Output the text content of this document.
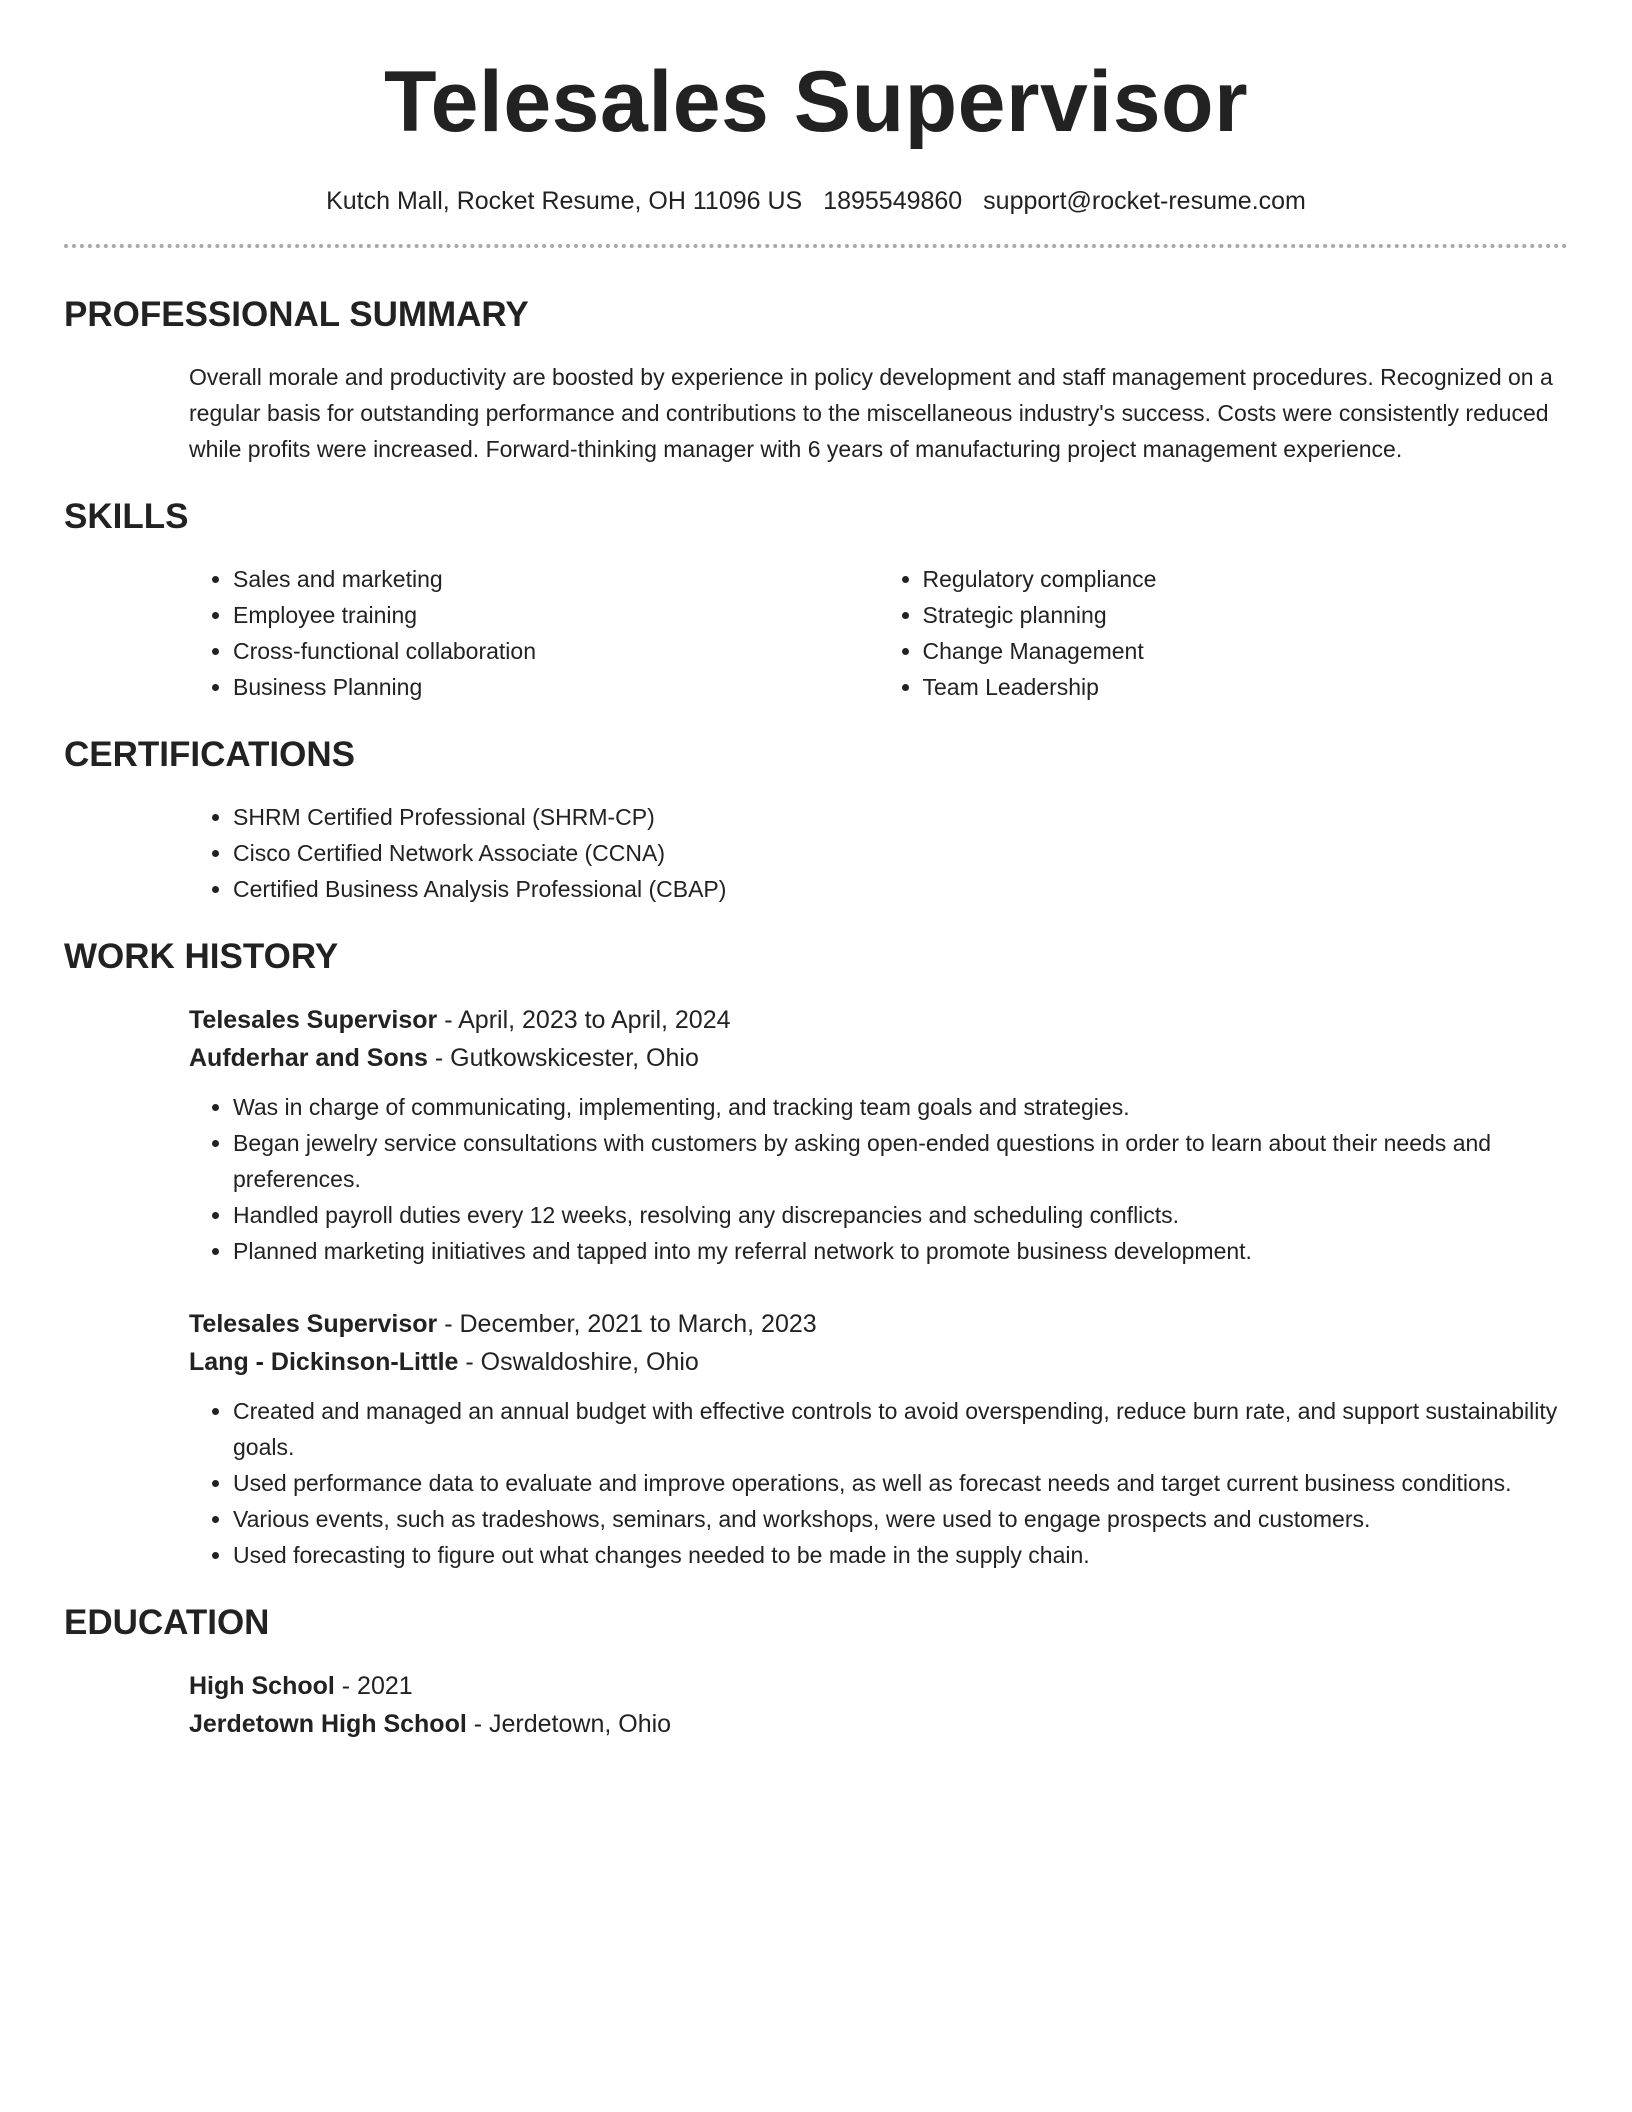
Telesales Supervisor
Kutch Mall, Rocket Resume, OH 11096 US 1895549860 support@rocket-resume.com
PROFESSIONAL SUMMARY

Overall morale and productivity are boosted by experience in policy development and staff management procedures. Recognized on a regular basis for outstanding performance and contributions to the miscellaneous industry's success. Costs were consistently reduced while profits were increased. Forward-thinking manager with 6 years of manufacturing project management experience.

SKILLS
• Sales and marketing
• Employee training
• Cross-functional collaboration
• Business Planning
• Regulatory compliance
• Strategic planning
• Change Management
• Team Leadership
CERTIFICATIONS
• SHRM Certified Professional (SHRM-CP)
• Cisco Certified Network Associate (CCNA)
• Certified Business Analysis Professional (CBAP)
WORK HISTORY
Telesales Supervisor - April, 2023 to April, 2024
Aufderhar and Sons - Gutkowskicester, Ohio
• Was in charge of communicating, implementing, and tracking team goals and strategies.
• Began jewelry service consultations with customers by asking open-ended questions in order to learn about their needs and preferences.
• Handled payroll duties every 12 weeks, resolving any discrepancies and scheduling conflicts.
• Planned marketing initiatives and tapped into my referral network to promote business development.
Telesales Supervisor - December, 2021 to March, 2023
Lang - Dickinson-Little - Oswaldoshire, Ohio
• Created and managed an annual budget with effective controls to avoid overspending, reduce burn rate, and support sustainability goals.
• Used performance data to evaluate and improve operations, as well as forecast needs and target current business conditions.
• Various events, such as tradeshows, seminars, and workshops, were used to engage prospects and customers.
• Used forecasting to figure out what changes needed to be made in the supply chain.
EDUCATION
High School - 2021
Jerdetown High School - Jerdetown, Ohio
